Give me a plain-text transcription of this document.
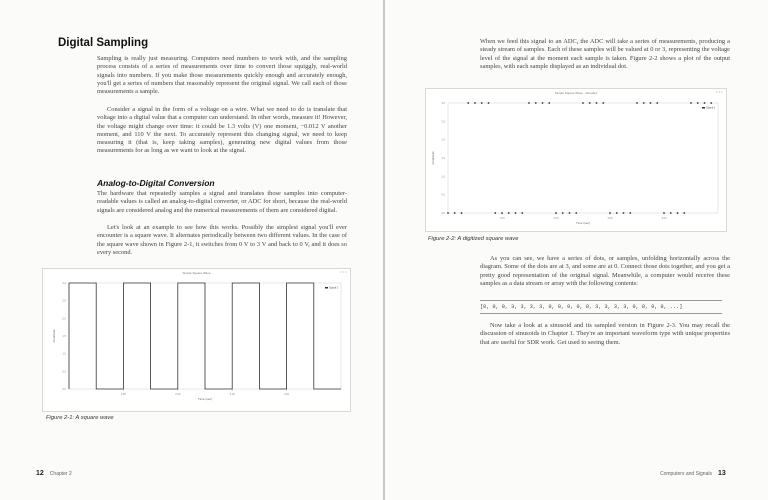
Digital Sampling

Sampling is really just measuring. Computers need numbers to work with, and the sampling process consists of a series of measurements over time to convert those squiggly, real-world signals into numbers. If you make those measurements quickly enough and accurately enough, you'll get a series of numbers that reasonably represent the original signal. We call each of those measurements a sample.

Consider a signal in the form of a voltage on a wire. What we need to do is translate that voltage into a digital value that a computer can understand. In other words, measure it! However, the voltage might change over time: it could be 1.3 volts (V) one moment, −0.012 V another moment, and 110 V the next. To accurately represent this changing signal, we need to keep measuring it (that is, keep taking samples), generating new digital values from those measurements for as long as we want to look at the signal.

Analog-to-Digital Conversion

The hardware that repeatedly samples a signal and translates those samples into computer-readable values is called an analog-to-digital converter, or ADC for short, because the real-world signals are considered analog and the numerical measurements of them are considered digital.

Let's look at an example to see how this works. Possibly the simplest signal you'll ever encounter is a square wave. It alternates periodically between two different values. In the case of the square wave shown in Figure 2-1, it switches from 0 V to 3 V and back to 0 V, and it does so every second.

Simple Square Wave	□ × ×
3.0
2.5
2.0
1.5
1.0
0.5
0.0
1.00	2.00	3.00	4.00
Time (sec)
Amplitude
Signal 1

Figure 2-1: A square wave

12 Chapter 2

When we feed this signal to an ADC, the ADC will take a series of measurements, producing a steady stream of samples. Each of these samples will be valued at 0 or 3, representing the voltage level of the signal at the moment each sample is taken. Figure 2-2 shows a plot of the output samples, with each sample displayed as an individual dot.

Simple Square Wave - Samples	□ × ×
3.0
2.5
2.0
1.5
1.0
0.5
0.0
1.00	2.00	3.00	4.00
Time (sec)
Amplitude
Signal 1

Figure 2-2: A digitized square wave

As you can see, we have a series of dots, or samples, unfolding horizontally across the diagram. Some of the dots are at 3, and some are at 0. Connect those dots together, and you get a pretty good representation of the original signal. Meanwhile, a computer would receive these samples as a data stream or array with the following contents:

[0, 0, 0, 3, 3, 3, 3, 0, 0, 0, 0, 0, 3, 3, 3, 3, 0, 0, 0, 0, ...]

Now take a look at a sinusoid and its sampled version in Figure 2-3. You may recall the discussion of sinusoids in Chapter 1. They're an important waveform type with unique properties that are useful for SDR work. Get used to seeing them.

Computers and Signals 13
